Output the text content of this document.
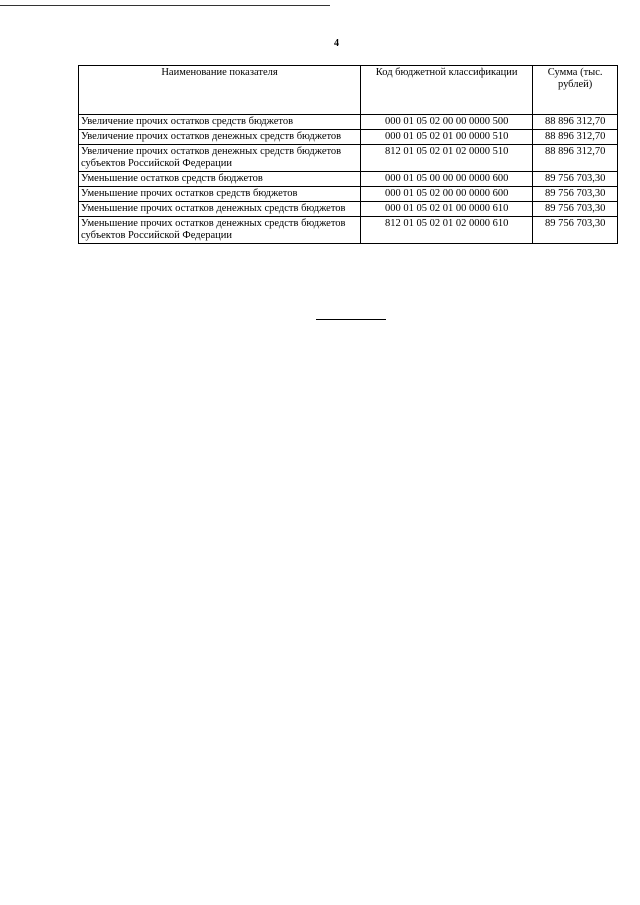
4
Наименование показателя	Код бюджетной классификации	Сумма (тыс. рублей)
Увеличение прочих остатков средств бюджетов	000 01 05 02 00 00 0000 500	88 896 312,70
Увеличение прочих остатков денежных средств бюджетов	000 01 05 02 01 00 0000 510	88 896 312,70
Увеличение прочих остатков денежных средств бюджетов субъектов Российской Федерации	812 01 05 02 01 02 0000 510	88 896 312,70
Уменьшение остатков средств бюджетов	000 01 05 00 00 00 0000 600	89 756 703,30
Уменьшение прочих остатков средств бюджетов	000 01 05 02 00 00 0000 600	89 756 703,30
Уменьшение прочих остатков денежных средств бюджетов	000 01 05 02 01 00 0000 610	89 756 703,30
Уменьшение прочих остатков денежных средств бюджетов субъектов Российской Федерации	812 01 05 02 01 02 0000 610	89 756 703,30
